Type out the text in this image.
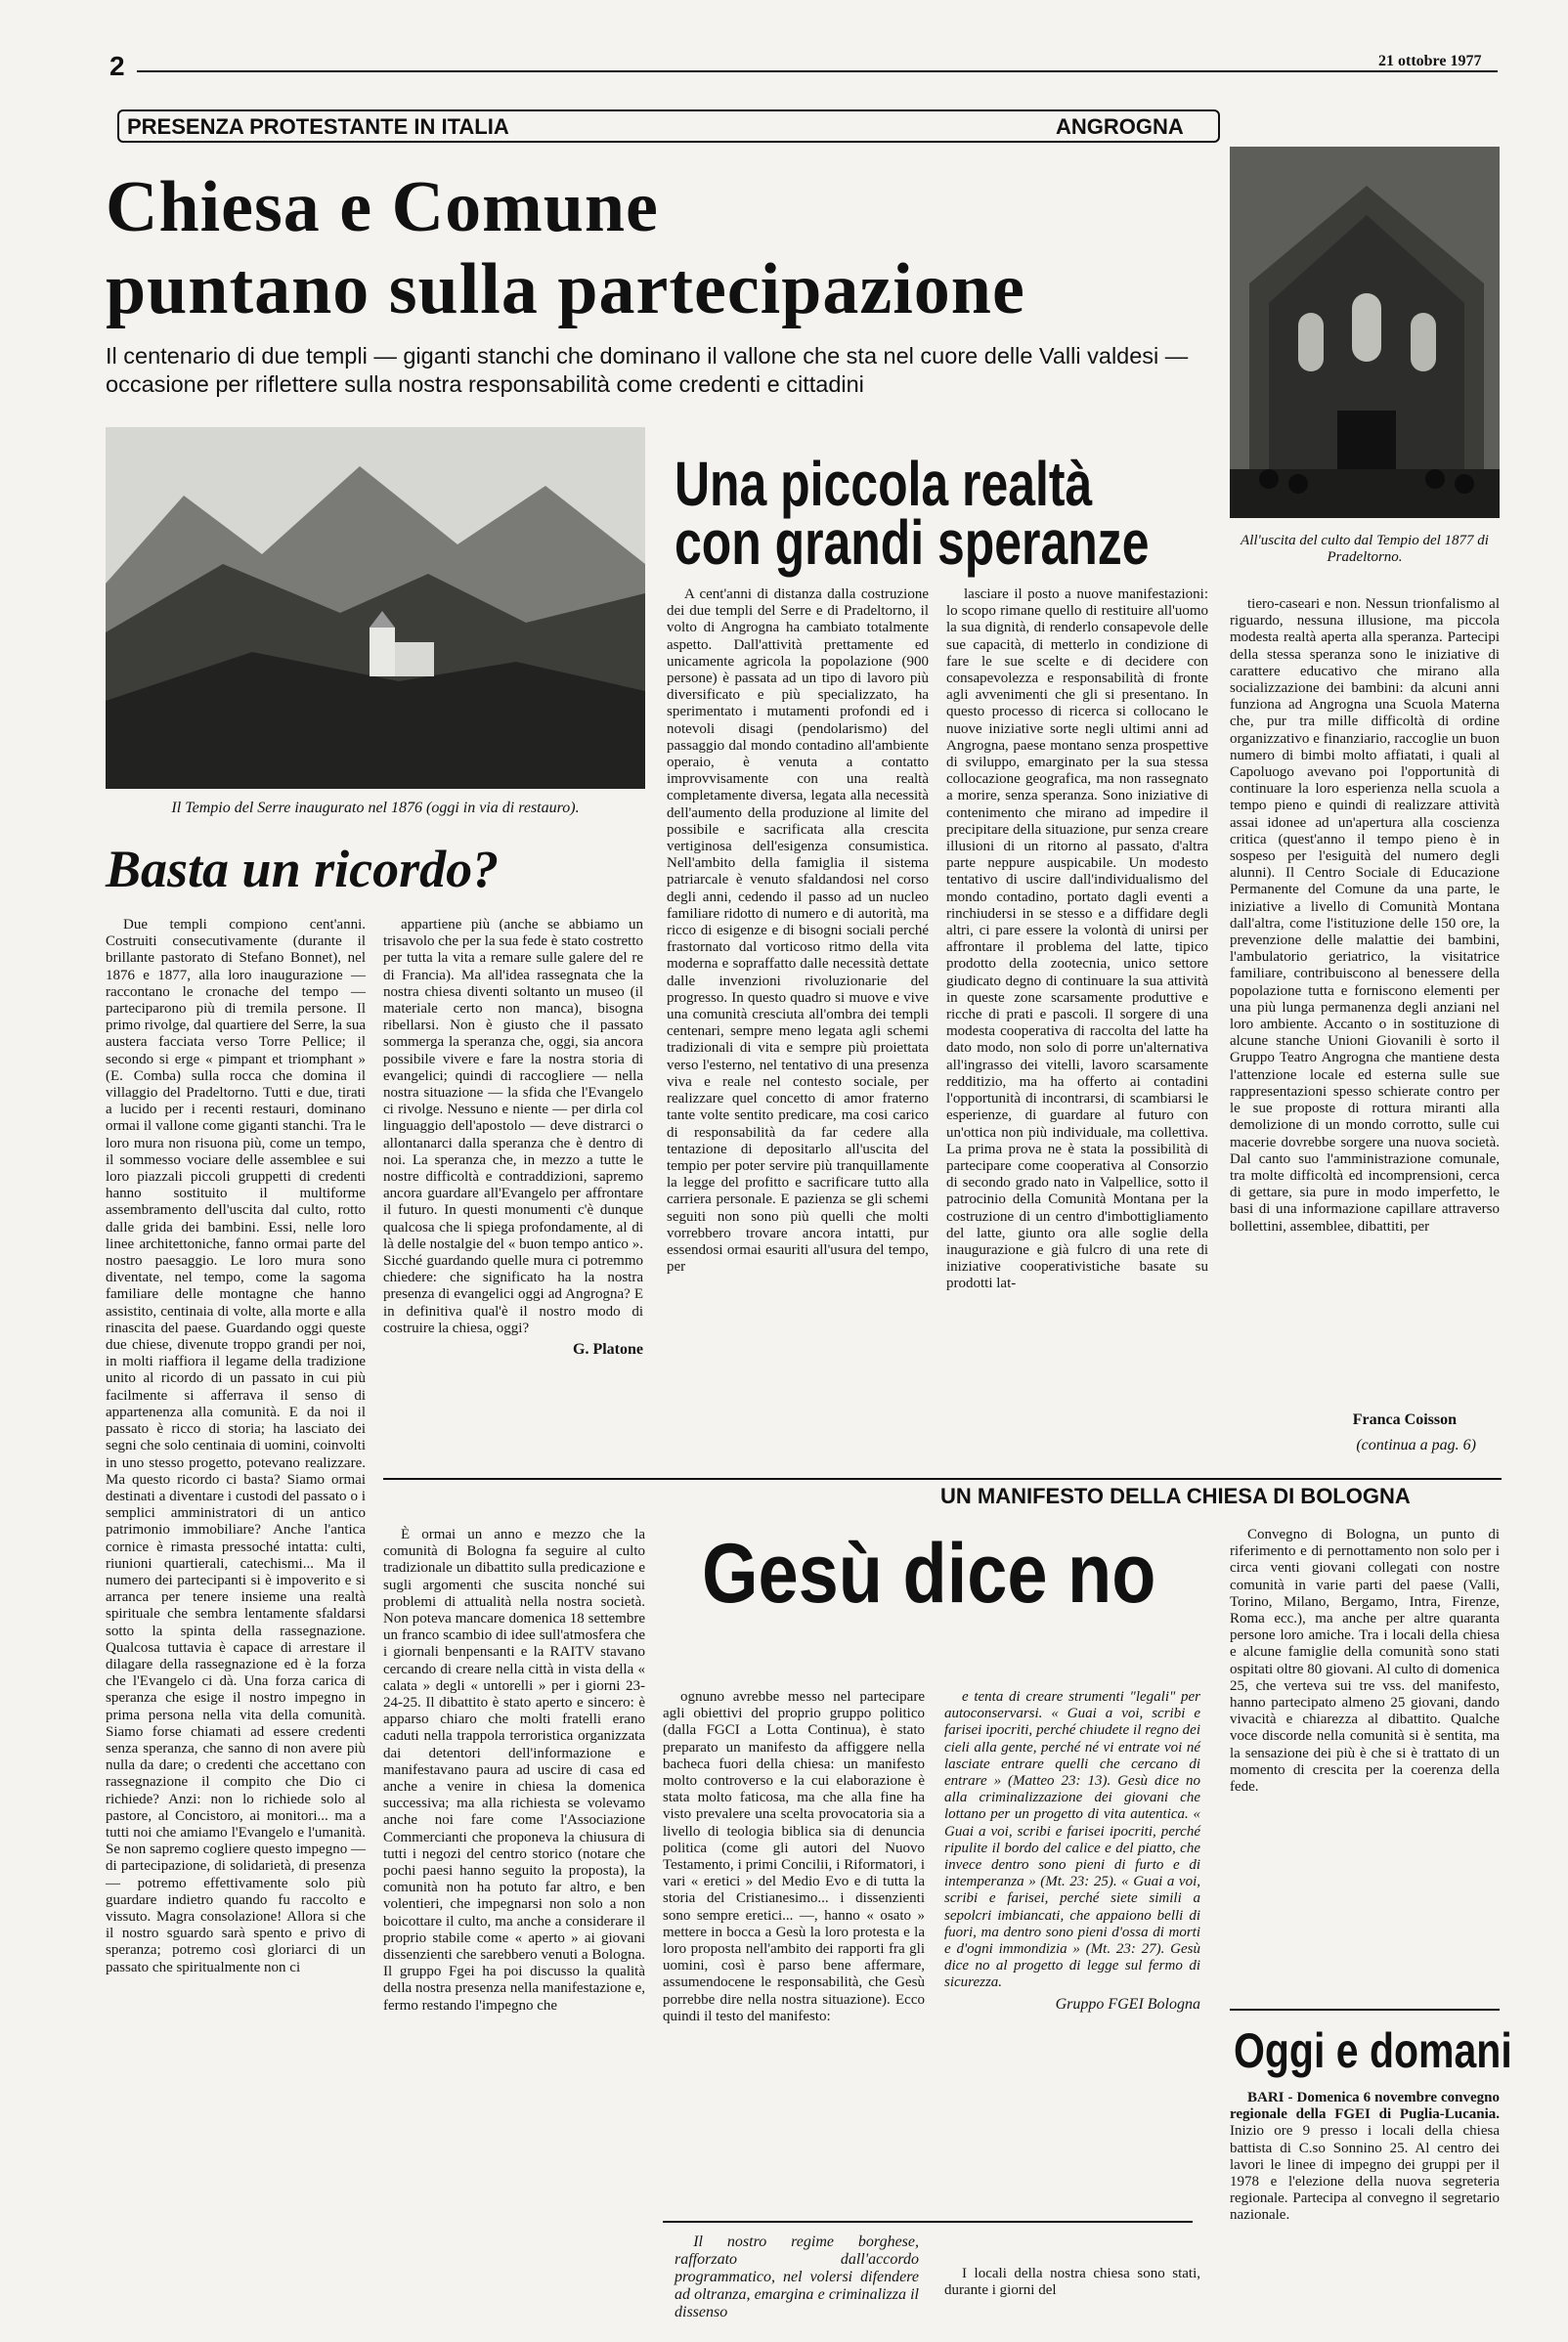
2	21 ottobre 1977
PRESENZA PROTESTANTE IN ITALIA	ANGROGNA
Chiesa e Comune
puntano sulla partecipazione
Il centenario di due templi — giganti stanchi che dominano il vallone che sta nel cuore delle Valli valdesi — occasione per riflettere sulla nostra responsabilità come credenti e cittadini
All'uscita del culto dal Tempio del 1877 di Pradeltorno.
Il Tempio del Serre inaugurato nel 1876 (oggi in via di restauro).
Una piccola realtà
con grandi speranze
Basta un ricordo?

Due templi compiono cent'anni. Costruiti consecutivamente (durante il brillante pastorato di Stefano Bonnet), nel 1876 e 1877, alla loro inaugurazione — raccontano le cronache del tempo — parteciparono più di tremila persone. Il primo rivolge, dal quartiere del Serre, la sua austera facciata verso Torre Pellice; il secondo si erge « pimpant et triomphant » (E. Comba) sulla rocca che domina il villaggio del Pradeltorno. Tutti e due, tirati a lucido per i recenti restauri, dominano ormai il vallone come giganti stanchi. Tra le loro mura non risuona più, come un tempo, il sommesso vociare delle assemblee e sui loro piazzali piccoli gruppetti di credenti hanno sostituito il multiforme assembramento dell'uscita dal culto, rotto dalle grida dei bambini. Essi, nelle loro linee architettoniche, fanno ormai parte del nostro paesaggio. Le loro mura sono diventate, nel tempo, come la sagoma familiare delle montagne che hanno assistito, centinaia di volte, alla morte e alla rinascita del paese. Guardando oggi queste due chiese, divenute troppo grandi per noi, in molti riaffiora il legame della tradizione unito al ricordo di un passato in cui più facilmente si afferrava il senso di appartenenza alla comunità. E da noi il passato è ricco di storia; ha lasciato dei segni che solo centinaia di uomini, coinvolti in uno stesso progetto, potevano realizzare. Ma questo ricordo ci basta? Siamo ormai destinati a diventare i custodi del passato o i semplici amministratori di un antico patrimonio immobiliare? Anche l'antica cornice è rimasta pressoché intatta: culti, riunioni quartierali, catechismi... Ma il numero dei partecipanti si è impoverito e si arranca per tenere insieme una realtà spirituale che sembra lentamente sfaldarsi sotto la spinta della rassegnazione. Qualcosa tuttavia è capace di arrestare il dilagare della rassegnazione ed è la forza che l'Evangelo ci dà. Una forza carica di speranza che esige il nostro impegno in prima persona nella vita della comunità. Siamo forse chiamati ad essere credenti senza speranza, che sanno di non avere più nulla da dare; o credenti che accettano con rassegnazione il compito che Dio ci richiede? Anzi: non lo richiede solo al pastore, al Concistoro, ai monitori... ma a tutti noi che amiamo l'Evangelo e l'umanità. Se non sapremo cogliere questo impegno — di partecipazione, di solidarietà, di presenza — potremo effettivamente solo più guardare indietro quando fu raccolto e vissuto. Magra consolazione! Allora si che il nostro sguardo sarà spento e privo di speranza; potremo così gloriarci di un passato che spiritualmente non ci

appartiene più (anche se abbiamo un trisavolo che per la sua fede è stato costretto per tutta la vita a remare sulle galere del re di Francia). Ma all'idea rassegnata che la nostra chiesa diventi soltanto un museo (il materiale certo non manca), bisogna ribellarsi. Non è giusto che il passato sommerga la speranza che, oggi, sia ancora possibile vivere e fare la nostra storia di evangelici; quindi di raccogliere — nella nostra situazione — la sfida che l'Evangelo ci rivolge. Nessuno e niente — per dirla col linguaggio dell'apostolo — deve distrarci o allontanarci dalla speranza che è dentro di noi. La speranza che, in mezzo a tutte le nostre difficoltà e contraddizioni, sapremo ancora guardare all'Evangelo per affrontare il futuro. In questi monumenti c'è dunque qualcosa che li spiega profondamente, al di là delle nostalgie del « buon tempo antico ». Sicché guardando quelle mura ci potremmo chiedere: che significato ha la nostra presenza di evangelici oggi ad Angrogna? E in definitiva qual'è il nostro modo di costruire la chiesa, oggi?

G. Platone

A cent'anni di distanza dalla costruzione dei due templi del Serre e di Pradeltorno, il volto di Angrogna ha cambiato totalmente aspetto. Dall'attività prettamente ed unicamente agricola la popolazione (900 persone) è passata ad un tipo di lavoro più diversificato e più specializzato, ha sperimentato i mutamenti profondi ed i notevoli disagi (pendolarismo) del passaggio dal mondo contadino all'ambiente operaio, è venuta a contatto improvvisamente con una realtà completamente diversa, legata alla necessità dell'aumento della produzione al limite del possibile e sacrificata alla crescita vertiginosa dell'esigenza consumistica. Nell'ambito della famiglia il sistema patriarcale è venuto sfaldandosi nel corso degli anni, cedendo il passo ad un nucleo familiare ridotto di numero e di autorità, ma ricco di esigenze e di bisogni sociali perché frastornato dal vorticoso ritmo della vita moderna e sopraffatto dalle necessità dettate dalle invenzioni rivoluzionarie del progresso. In questo quadro si muove e vive una comunità cresciuta all'ombra dei templi centenari, sempre meno legata agli schemi tradizionali di vita e sempre più proiettata verso l'esterno, nel tentativo di una presenza viva e reale nel contesto sociale, per realizzare quel concetto di amor fraterno tante volte sentito predicare, ma cosi carico di responsabilità da far cedere alla tentazione di depositarlo all'uscita del tempio per poter servire più tranquillamente la legge del profitto e sacrificare tutto alla carriera personale. E pazienza se gli schemi seguiti non sono più quelli che molti vorrebbero trovare ancora intatti, pur essendosi ormai esauriti all'usura del tempo, per

lasciare il posto a nuove manifestazioni: lo scopo rimane quello di restituire all'uomo la sua dignità, di renderlo consapevole delle sue capacità, di metterlo in condizione di fare le sue scelte e di decidere con consapevolezza e responsabilità di fronte agli avvenimenti che gli si presentano. In questo processo di ricerca si collocano le nuove iniziative sorte negli ultimi anni ad Angrogna, paese montano senza prospettive di sviluppo, emarginato per la sua stessa collocazione geografica, ma non rassegnato a morire, senza speranza. Sono iniziative di contenimento che mirano ad impedire il precipitare della situazione, pur senza creare illusioni di un ritorno al passato, d'altra parte neppure auspicabile. Un modesto tentativo di uscire dall'individualismo del mondo contadino, portato dagli eventi a rinchiudersi in se stesso e a diffidare degli altri, ci pare essere la volontà di unirsi per affrontare il problema del latte, tipico prodotto della zootecnia, unico settore giudicato degno di continuare la sua attività in queste zone scarsamente produttive e ricche di prati e pascoli. Il sorgere di una modesta cooperativa di raccolta del latte ha dato modo, non solo di porre un'alternativa all'ingrasso dei vitelli, lavoro scarsamente redditizio, ma ha offerto ai contadini l'opportunità di incontrarsi, di scambiarsi le esperienze, di guardare al futuro con un'ottica non più individuale, ma collettiva. La prima prova ne è stata la possibilità di partecipare come cooperativa al Consorzio di secondo grado nato in Valpellice, sotto il patrocinio della Comunità Montana per la costruzione di un centro d'imbottigliamento del latte, giunto ora alle soglie della inaugurazione e già fulcro di una rete di iniziative cooperativistiche basate su prodotti lat-

tiero-caseari e non. Nessun trionfalismo al riguardo, nessuna illusione, ma piccola modesta realtà aperta alla speranza. Partecipi della stessa speranza sono le iniziative di carattere educativo che mirano alla socializzazione dei bambini: da alcuni anni funziona ad Angrogna una Scuola Materna che, pur tra mille difficoltà di ordine organizzativo e finanziario, raccoglie un buon numero di bimbi molto affiatati, i quali al Capoluogo avevano poi l'opportunità di continuare la loro esperienza nella scuola a tempo pieno e quindi di realizzare attività assai idonee ad un'apertura alla coscienza critica (quest'anno il tempo pieno è in sospeso per l'esiguità del numero degli alunni). Il Centro Sociale di Educazione Permanente del Comune da una parte, le iniziative a livello di Comunità Montana dall'altra, come l'istituzione delle 150 ore, la prevenzione delle malattie dei bambini, l'ambulatorio geriatrico, la visitatrice familiare, contribuiscono al benessere della popolazione tutta e forniscono elementi per una più lunga permanenza degli anziani nel loro ambiente. Accanto o in sostituzione di alcune stanche Unioni Giovanili è sorto il Gruppo Teatro Angrogna che mantiene desta l'attenzione locale ed esterna sulle sue rappresentazioni spesso schierate contro per le sue proposte di rottura miranti alla demolizione di un mondo corrotto, sulle cui macerie dovrebbe sorgere una nuova società. Dal canto suo l'amministrazione comunale, tra molte difficoltà ed incomprensioni, cerca di gettare, sia pure in modo imperfetto, le basi di una informazione capillare attraverso bollettini, assemblee, dibattiti, per

Franca Coisson
(continua a pag. 6)
UN MANIFESTO DELLA CHIESA DI BOLOGNA
Gesù dice no

È ormai un anno e mezzo che la comunità di Bologna fa seguire al culto tradizionale un dibattito sulla predicazione e sugli argomenti che suscita nonché sui problemi di attualità nella nostra società. Non poteva mancare domenica 18 settembre un franco scambio di idee sull'atmosfera che i giornali benpensanti e la RAITV stavano cercando di creare nella città in vista della « calata » degli « untorelli » per i giorni 23-24-25. Il dibattito è stato aperto e sincero: è apparso chiaro che molti fratelli erano caduti nella trappola terroristica organizzata dai detentori dell'informazione e manifestavano paura ad uscire di casa ed anche a venire in chiesa la domenica successiva; ma alla richiesta se volevamo anche noi fare come l'Associazione Commercianti che proponeva la chiusura di tutti i negozi del centro storico (notare che pochi paesi hanno seguito la proposta), la comunità non ha potuto far altro, e ben volentieri, che impegnarsi non solo a non boicottare il culto, ma anche a considerare il proprio stabile come « aperto » ai giovani dissenzienti che sarebbero venuti a Bologna. Il gruppo Fgei ha poi discusso la qualità della nostra presenza nella manifestazione e, fermo restando l'impegno che

ognuno avrebbe messo nel partecipare agli obiettivi del proprio gruppo politico (dalla FGCI a Lotta Continua), è stato preparato un manifesto da affiggere nella bacheca fuori della chiesa: un manifesto molto controverso e la cui elaborazione è stata molto faticosa, ma che alla fine ha visto prevalere una scelta provocatoria sia a livello di teologia biblica sia di denuncia politica (come gli autori del Nuovo Testamento, i primi Concilii, i Riformatori, i vari « eretici » del Medio Evo e di tutta la storia del Cristianesimo... i dissenzienti sono sempre eretici... —, hanno « osato » mettere in bocca a Gesù la loro protesta e la loro proposta nell'ambito dei rapporti fra gli uomini, così è parso bene affermare, assumendocene le responsabilità, che Gesù porrebbe dire nella nostra situazione). Ecco quindi il testo del manifesto:

Il nostro regime borghese, rafforzato dall'accordo programmatico, nel volersi difendere ad oltranza, emargina e criminalizza il dissenso

e tenta di creare strumenti "legali" per autoconservarsi. « Guai a voi, scribi e farisei ipocriti, perché chiudete il regno dei cieli alla gente, perché né vi entrate voi né lasciate entrare quelli che cercano di entrare » (Matteo 23: 13). Gesù dice no alla criminalizzazione dei giovani che lottano per un progetto di vita autentica. « Guai a voi, scribi e farisei ipocriti, perché ripulite il bordo del calice e del piatto, che invece dentro sono pieni di furto e di intemperanza » (Mt. 23: 25). « Guai a voi, scribi e farisei, perché siete simili a sepolcri imbiancati, che appaiono belli di fuori, ma dentro sono pieni d'ossa di morti e d'ogni immondizia » (Mt. 23: 27). Gesù dice no al progetto di legge sul fermo di sicurezza.

Gruppo FGEI Bologna

I locali della nostra chiesa sono stati, durante i giorni del

Convegno di Bologna, un punto di riferimento e di pernottamento non solo per i circa venti giovani collegati con nostre comunità in varie parti del paese (Valli, Torino, Milano, Bergamo, Intra, Firenze, Roma ecc.), ma anche per altre quaranta persone loro amiche. Tra i locali della chiesa e alcune famiglie della comunità sono stati ospitati oltre 80 giovani. Al culto di domenica 25, che verteva sui tre vss. del manifesto, hanno partecipato almeno 25 giovani, dando vivacità e chiarezza al dibattito. Qualche voce discorde nella comunità si è sentita, ma la sensazione dei più è che si è trattato di un momento di crescita per la coerenza della fede.

Oggi e domani

BARI - Domenica 6 novembre convegno regionale della FGEI di Puglia-Lucania. Inizio ore 9 presso i locali della chiesa battista di C.so Sonnino 25. Al centro dei lavori le linee di impegno dei gruppi per il 1978 e l'elezione della nuova segreteria regionale. Partecipa al convegno il segretario nazionale.
